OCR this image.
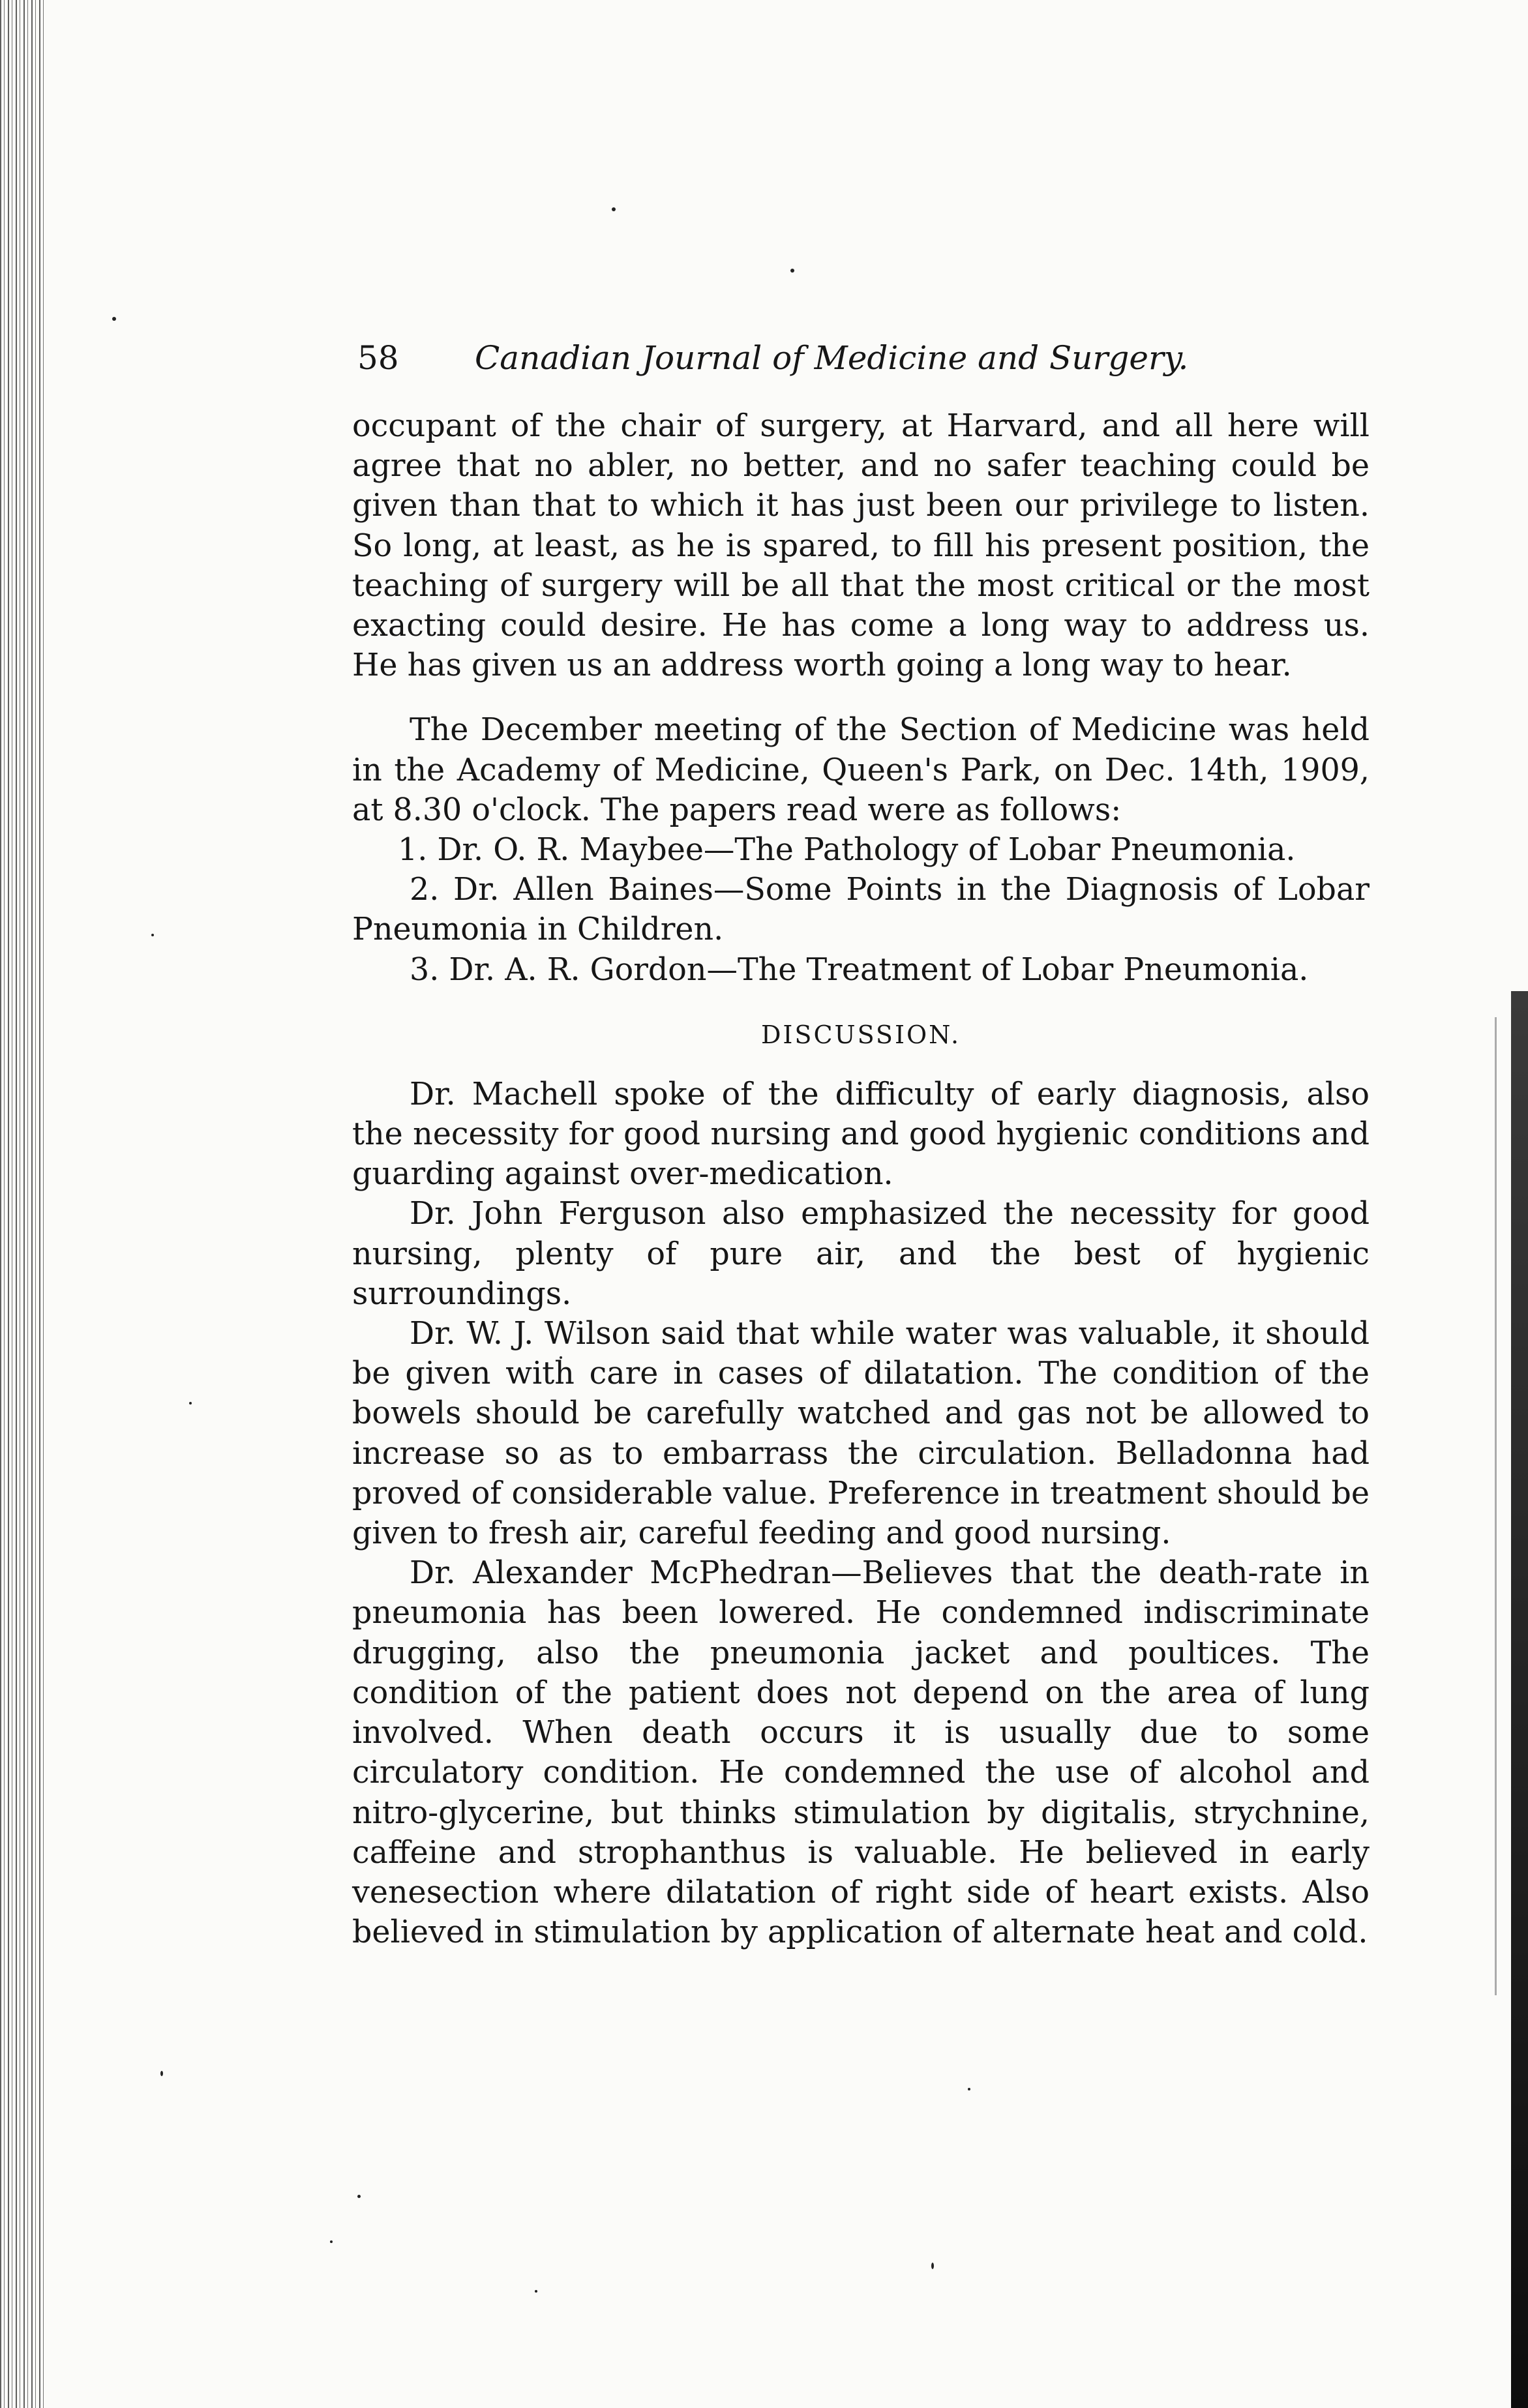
58	Canadian Journal of Medicine and Surgery.

occupant of the chair of surgery, at Harvard, and all here will agree that no abler, no better, and no safer teaching could be given than that to which it has just been our privilege to listen. So long, at least, as he is spared, to fill his present position, the teaching of surgery will be all that the most critical or the most exacting could desire. He has come a long way to address us. He has given us an address worth going a long way to hear.

The December meeting of the Section of Medicine was held in the Academy of Medicine, Queen's Park, on Dec. 14th, 1909, at 8.30 o'clock. The papers read were as follows:

1. Dr. O. R. Maybee—The Pathology of Lobar Pneumonia.

2. Dr. Allen Baines—Some Points in the Diagnosis of Lobar Pneumonia in Children.

3. Dr. A. R. Gordon—The Treatment of Lobar Pneumonia.

DISCUSSION.

Dr. Machell spoke of the difficulty of early diagnosis, also the necessity for good nursing and good hygienic conditions and guarding against over-medication.

Dr. John Ferguson also emphasized the necessity for good nursing, plenty of pure air, and the best of hygienic surroundings.

Dr. W. J. Wilson said that while water was valuable, it should be given with care in cases of dilatation. The condition of the bowels should be carefully watched and gas not be allowed to increase so as to embarrass the circulation. Belladonna had proved of considerable value. Preference in treatment should be given to fresh air, careful feeding and good nursing.

Dr. Alexander McPhedran—Believes that the death-rate in pneumonia has been lowered. He condemned indiscriminate drugging, also the pneumonia jacket and poultices. The condition of the patient does not depend on the area of lung involved. When death occurs it is usually due to some circulatory condition. He condemned the use of alcohol and nitro-glycerine, but thinks stimulation by digitalis, strychnine, caffeine and strophanthus is valuable. He believed in early venesection where dilatation of right side of heart exists. Also believed in stimulation by application of alternate heat and cold.
